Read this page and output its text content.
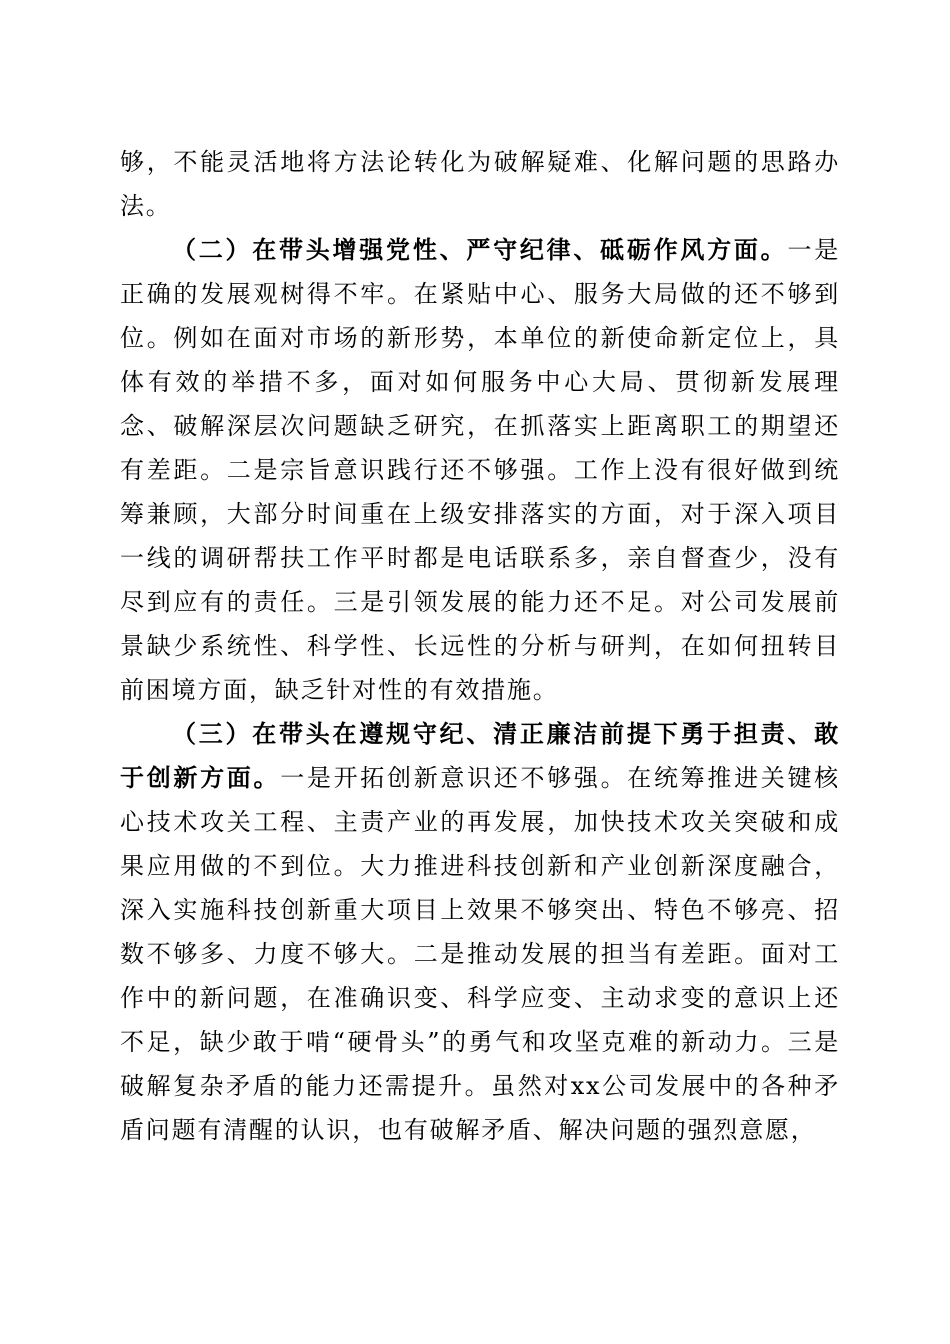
够，不能灵活地将方法论转化为破解疑难、化解问题的思路办法。

（二）在带头增强党性、严守纪律、砥砺作风方面。一是正确的发展观树得不牢。在紧贴中心、服务大局做的还不够到位。例如在面对市场的新形势，本单位的新使命新定位上，具体有效的举措不多，面对如何服务中心大局、贯彻新发展理念、破解深层次问题缺乏研究，在抓落实上距离职工的期望还有差距。二是宗旨意识践行还不够强。工作上没有很好做到统筹兼顾，大部分时间重在上级安排落实的方面，对于深入项目一线的调研帮扶工作平时都是电话联系多，亲自督查少，没有尽到应有的责任。三是引领发展的能力还不足。对公司发展前景缺少系统性、科学性、长远性的分析与研判，在如何扭转目前困境方面，缺乏针对性的有效措施。

（三）在带头在遵规守纪、清正廉洁前提下勇于担责、敢于创新方面。一是开拓创新意识还不够强。在统筹推进关键核心技术攻关工程、主责产业的再发展，加快技术攻关突破和成果应用做的不到位。大力推进科技创新和产业创新深度融合，深入实施科技创新重大项目上效果不够突出、特色不够亮、招数不够多、力度不够大。二是推动发展的担当有差距。面对工作中的新问题，在准确识变、科学应变、主动求变的意识上还不足，缺少敢于啃“硬骨头”的勇气和攻坚克难的新动力。三是破解复杂矛盾的能力还需提升。虽然对xx公司发展中的各种矛盾问题有清醒的认识，也有破解矛盾、解决问题的强烈意愿，
